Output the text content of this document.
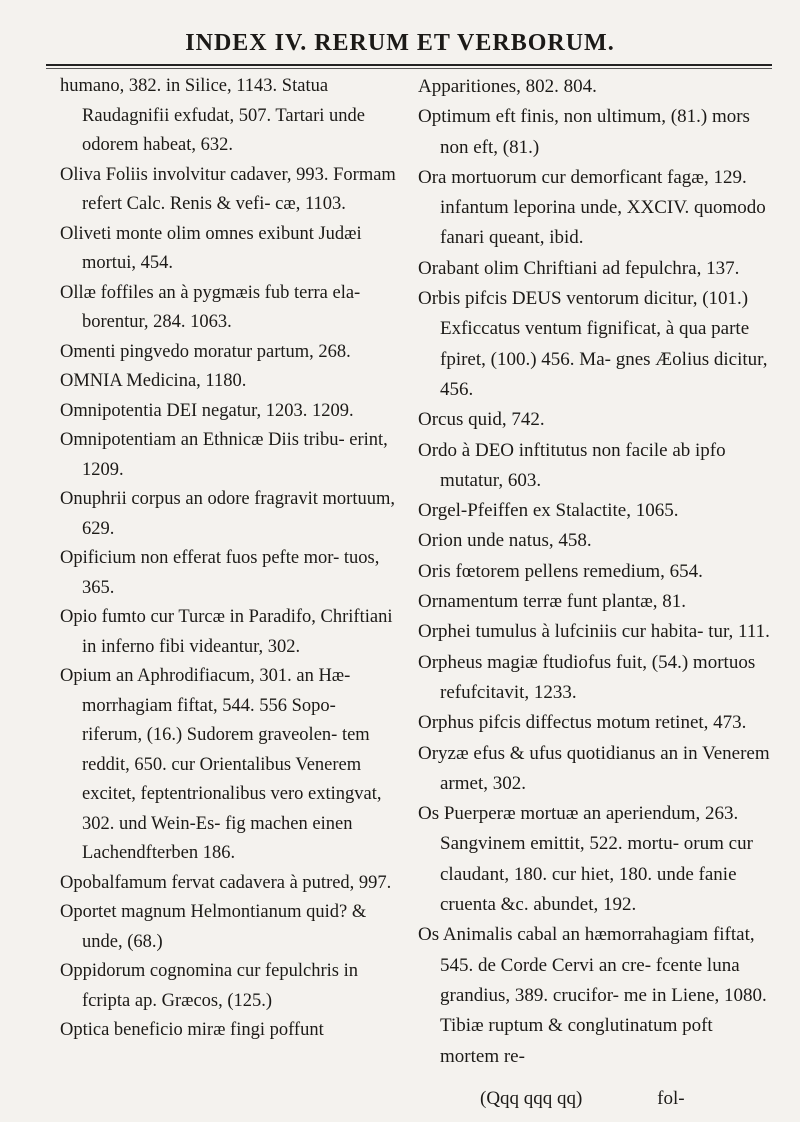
INDEX IV. RERUM ET VERBORUM.

humano, 382. in Silice, 1143. Statua Raudagnifii exfudat, 507. Tartari unde odorem habeat, 632.

Oliva Foliis involvitur cadaver, 993. Formam refert Calc. Renis & vefi- cæ, 1103.

Oliveti monte olim omnes exibunt Judæi mortui, 454.

Ollæ foffiles an à pygmæis fub terra ela- borentur, 284. 1063.

Omenti pingvedo moratur partum, 268.

OMNIA Medicina, 1180.

Omnipotentia DEI negatur, 1203. 1209.

Omnipotentiam an Ethnicæ Diis tribu- erint, 1209.

Onuphrii corpus an odore fragravit mortuum, 629.

Opificium non efferat fuos pefte mor- tuos, 365.

Opio fumto cur Turcæ in Paradifo, Chriftiani in inferno fibi videantur, 302.

Opium an Aphrodifiacum, 301. an Hæ- morrhagiam fiftat, 544. 556 Sopo- riferum, (16.) Sudorem graveolen- tem reddit, 650. cur Orientalibus Venerem excitet, feptentrionalibus vero extingvat, 302. und Wein-Es- fig machen einen Lachendfterben 186.

Opobalfamum fervat cadavera à putred, 997.

Oportet magnum Helmontianum quid? & unde, (68.)

Oppidorum cognomina cur fepulchris in fcripta ap. Græcos, (125.)

Optica beneficio miræ fingi poffunt

Apparitiones, 802. 804.

Optimum eft finis, non ultimum, (81.) mors non eft, (81.)

Ora mortuorum cur demorficant fagæ, 129. infantum leporina unde, XXCIV. quomodo fanari queant, ibid.

Orabant olim Chriftiani ad fepulchra, 137.

Orbis pifcis DEUS ventorum dicitur, (101.) Exficcatus ventum fignificat, à qua parte fpiret, (100.) 456. Ma- gnes Æolius dicitur, 456.

Orcus quid, 742.

Ordo à DEO inftitutus non facile ab ipfo mutatur, 603.

Orgel-Pfeiffen ex Stalactite, 1065.

Orion unde natus, 458.

Oris fœtorem pellens remedium, 654.

Ornamentum terræ funt plantæ, 81.

Orphei tumulus à lufciniis cur habita- tur, 111.

Orpheus magiæ ftudiofus fuit, (54.) mortuos refufcitavit, 1233.

Orphus pifcis diffectus motum retinet, 473.

Oryzæ efus & ufus quotidianus an in Venerem armet, 302.

Os Puerperæ mortuæ an aperiendum, 263. Sangvinem emittit, 522. mortu- orum cur claudant, 180. cur hiet, 180. unde fanie cruenta &c. abundet, 192.

Os Animalis cabal an hæmorrahagiam fiftat, 545. de Corde Cervi an cre- fcente luna grandius, 389. crucifor- me in Liene, 1080. Tibiæ ruptum & conglutinatum poft mortem re-

(Qqq qqq qq)	fol-
